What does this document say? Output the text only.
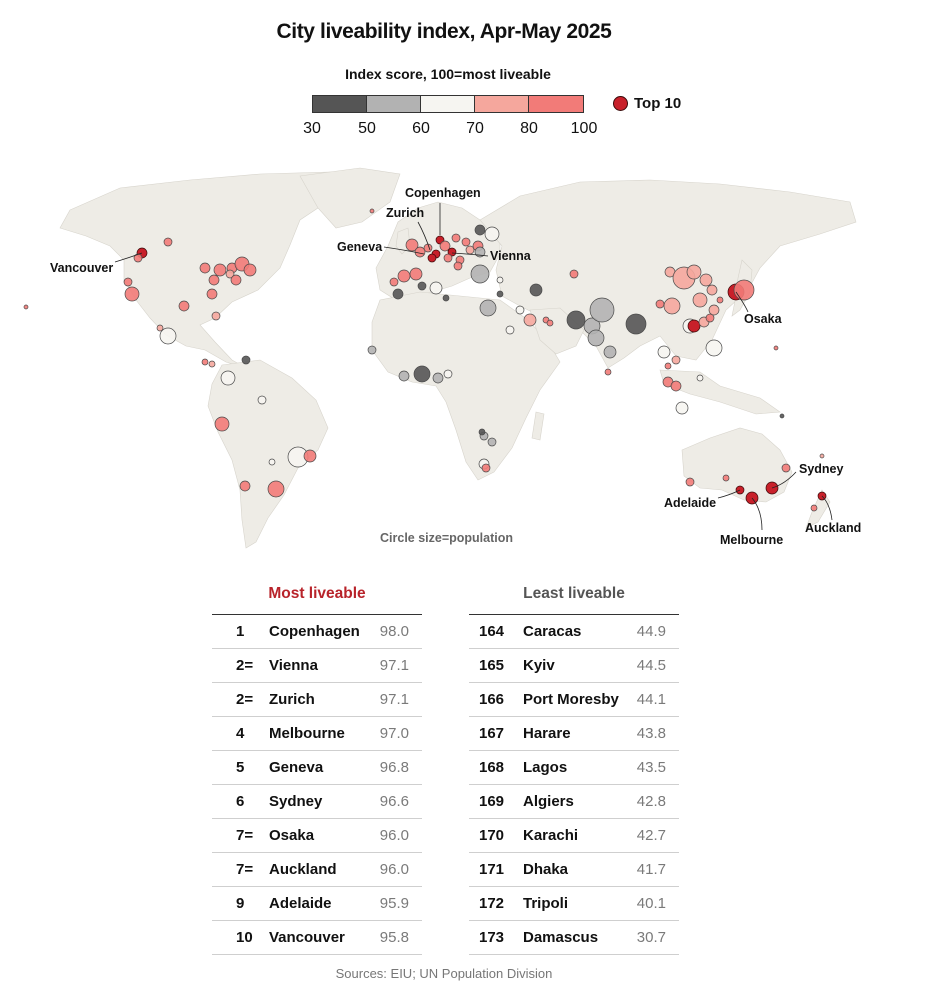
City liveability index, Apr-May 2025
Index score, 100=most liveable
30 50 60 70 80 100
Top 10
Vancouver
Copenhagen
Zurich
Geneva
Vienna
Osaka
Sydney
Adelaide
Melbourne
Auckland
Circle size=population
Most liveable
1	Copenhagen	98.0
2=	Vienna	97.1
2=	Zurich	97.1
4	Melbourne	97.0
5	Geneva	96.8
6	Sydney	96.6
7=	Osaka	96.0
7=	Auckland	96.0
9	Adelaide	95.9
10	Vancouver	95.8
Least liveable
164	Caracas	44.9
165	Kyiv	44.5
166	Port Moresby	44.1
167	Harare	43.8
168	Lagos	43.5
169	Algiers	42.8
170	Karachi	42.7
171	Dhaka	41.7
172	Tripoli	40.1
173	Damascus	30.7
Sources: EIU; UN Population Division
